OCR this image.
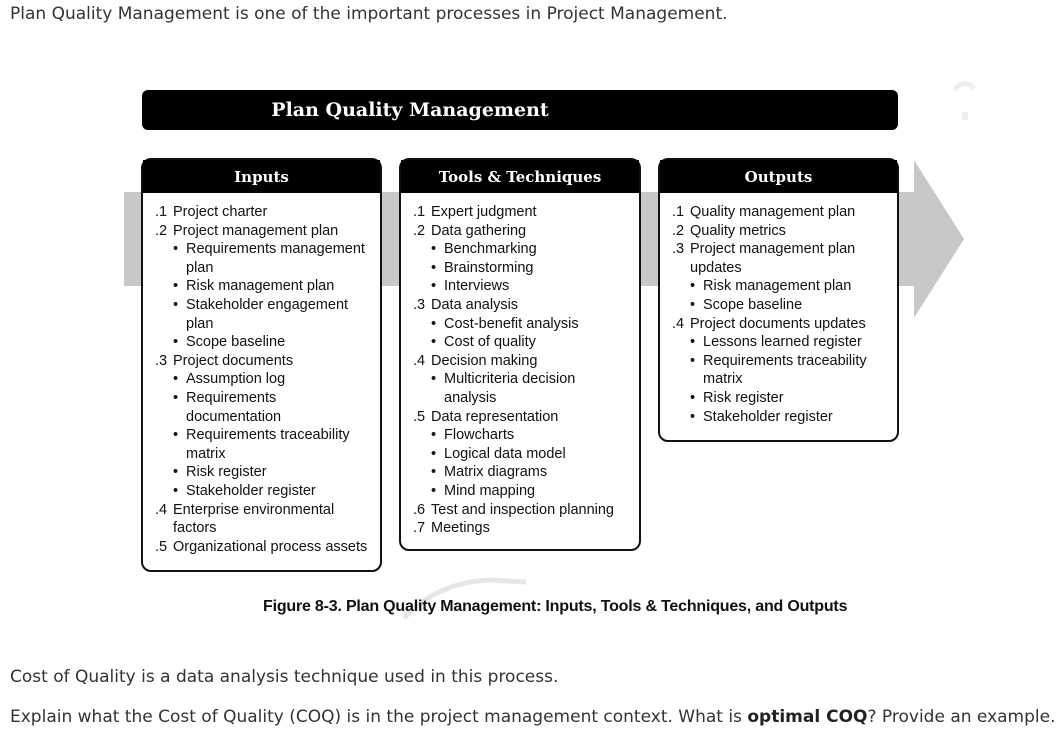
Plan Quality Management is one of the important processes in Project Management.
Plan Quality Management
Inputs
.1 Project charter
.2 Project management plan
• Requirements management plan
• Risk management plan
• Stakeholder engagement plan
• Scope baseline
.3 Project documents
• Assumption log
• Requirements documentation
• Requirements traceability matrix
• Risk register
• Stakeholder register
.4 Enterprise environmental factors
.5 Organizational process assets
Tools & Techniques
.1 Expert judgment
.2 Data gathering
• Benchmarking
• Brainstorming
• Interviews
.3 Data analysis
• Cost-benefit analysis
• Cost of quality
.4 Decision making
• Multicriteria decision analysis
.5 Data representation
• Flowcharts
• Logical data model
• Matrix diagrams
• Mind mapping
.6 Test and inspection planning
.7 Meetings
Outputs
.1 Quality management plan
.2 Quality metrics
.3 Project management plan updates
• Risk management plan
• Scope baseline
.4 Project documents updates
• Lessons learned register
• Requirements traceability matrix
• Risk register
• Stakeholder register
Figure 8-3. Plan Quality Management: Inputs, Tools & Techniques, and Outputs
Cost of Quality is a data analysis technique used in this process.
Explain what the Cost of Quality (COQ) is in the project management context. What is optimal COQ? Provide an example.
